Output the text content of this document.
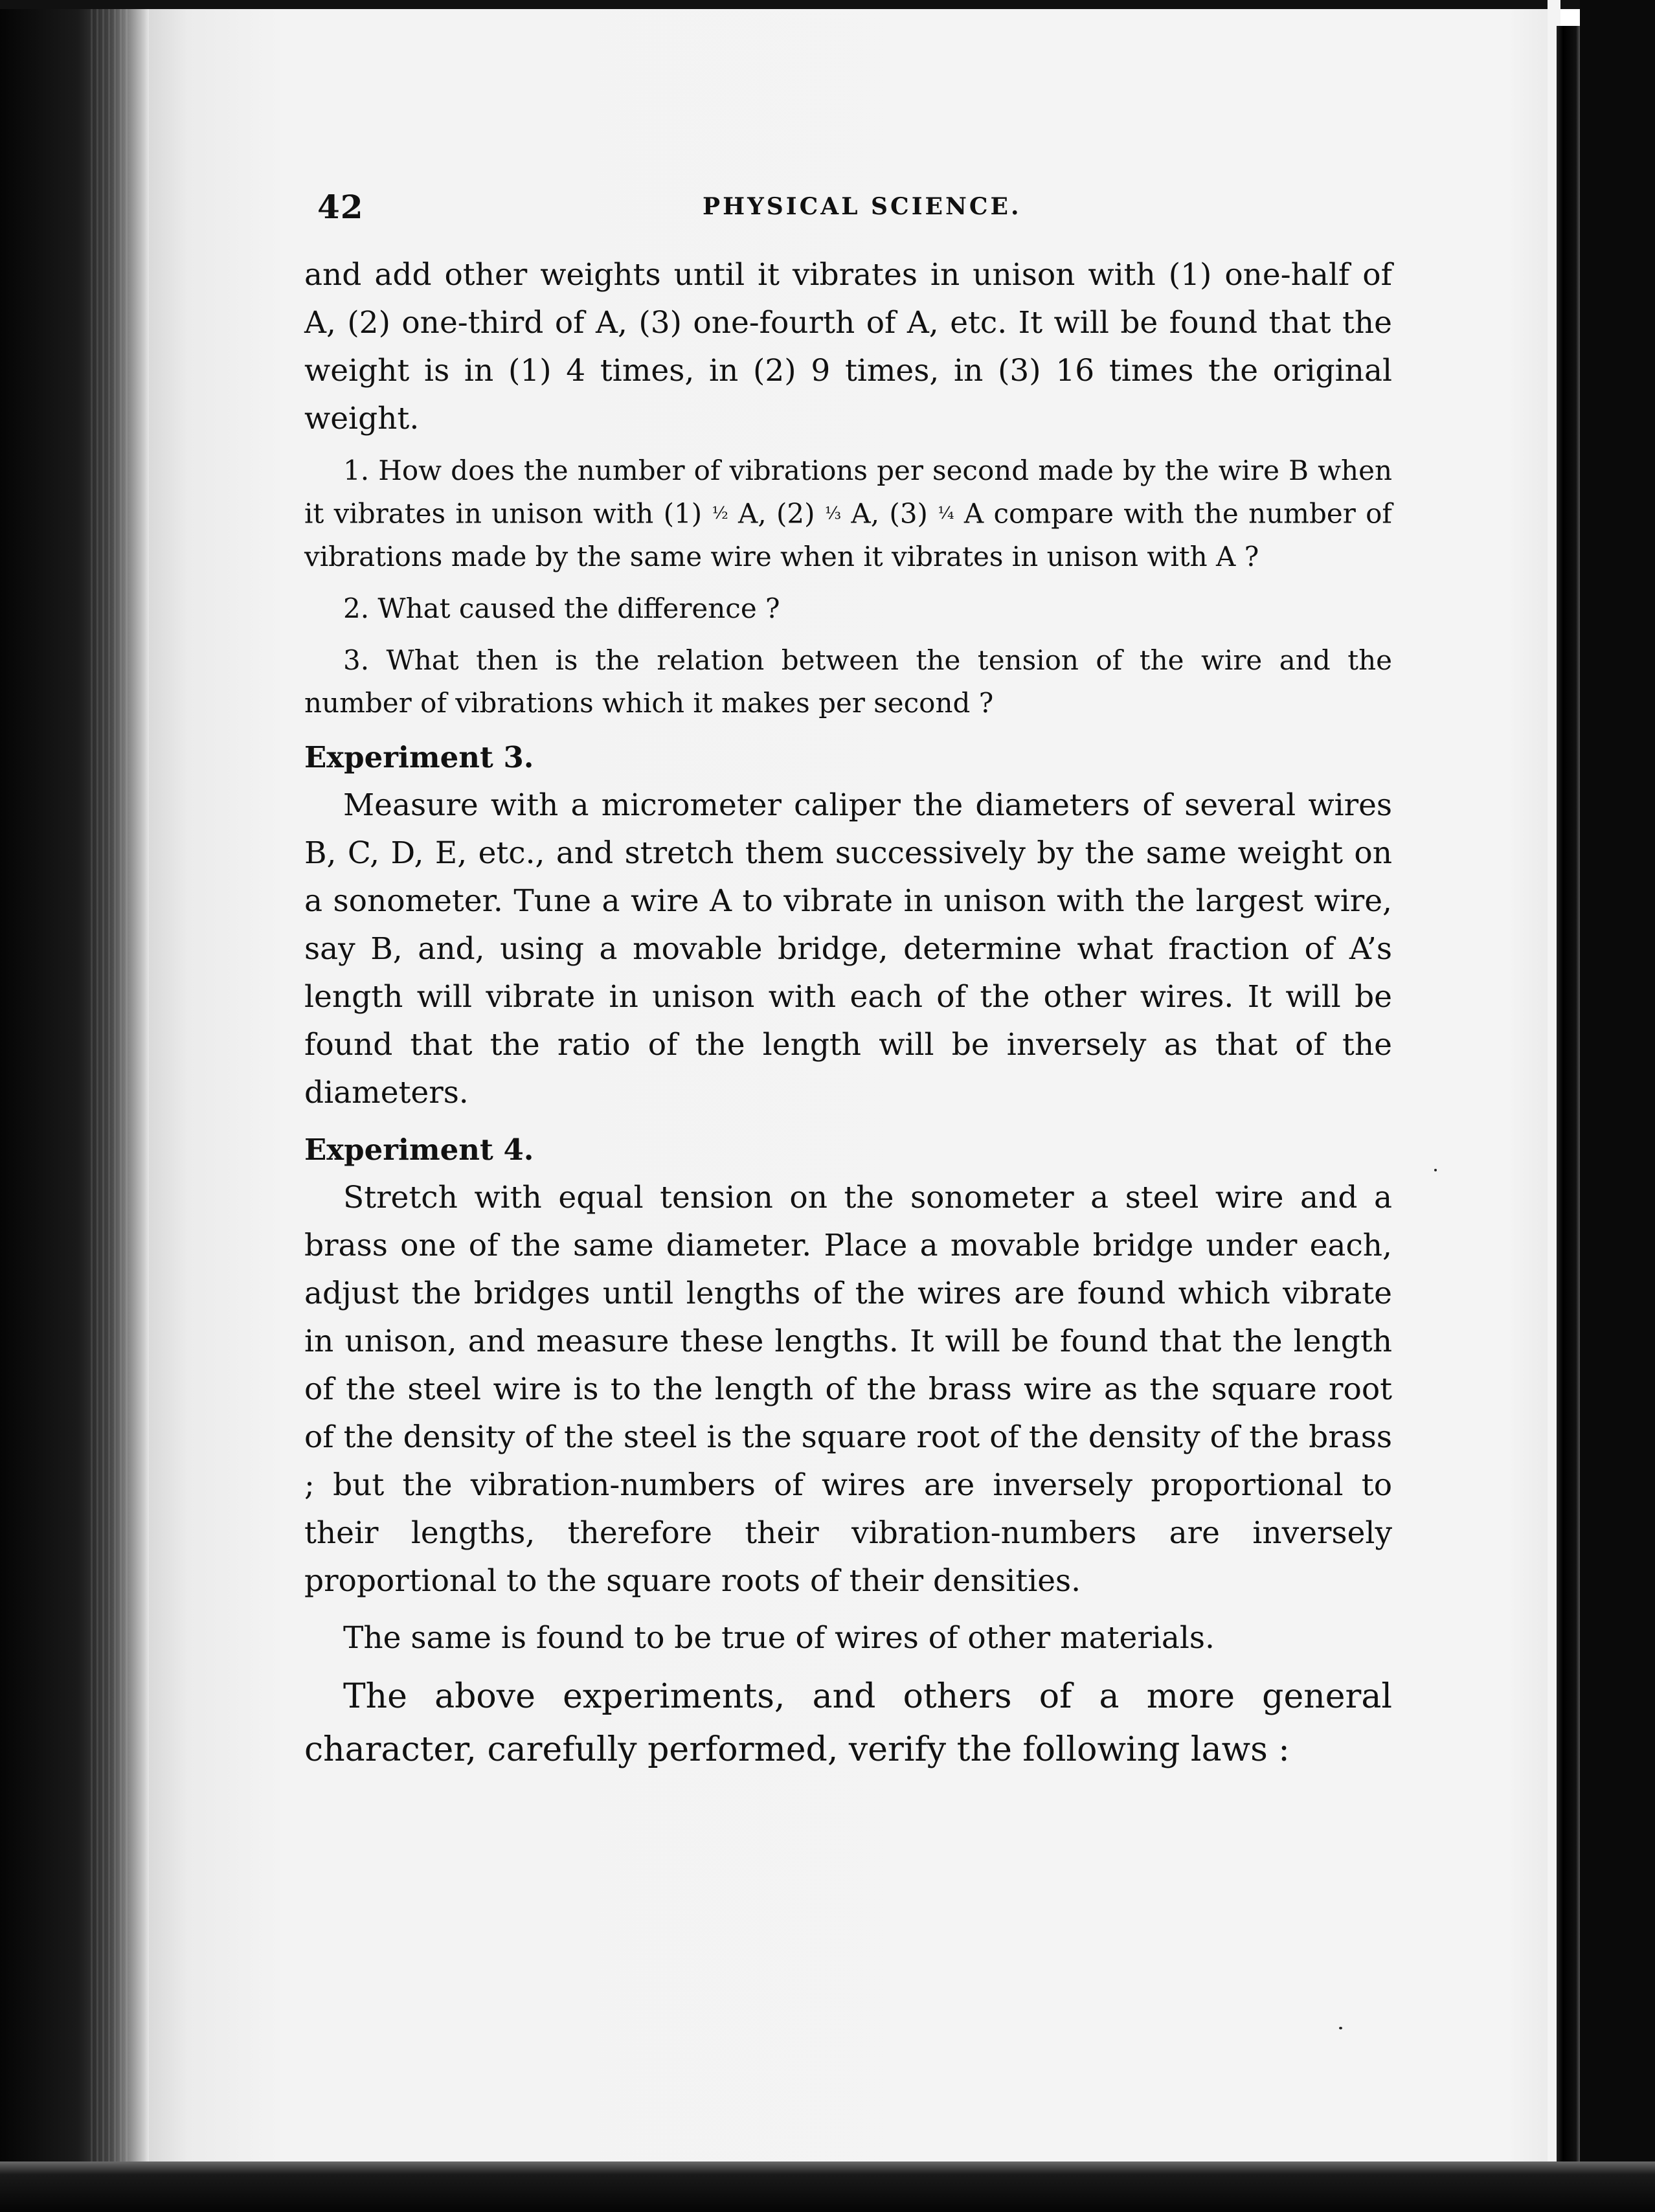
42	PHYSICAL SCIENCE.

and add other weights until it vibrates in unison with (1) one-half of A, (2) one-third of A, (3) one-fourth of A, etc. It will be found that the weight is in (1) 4 times, in (2) 9 times, in (3) 16 times the original weight.

1. How does the number of vibrations per second made by the wire B when it vibrates in unison with (1) ½ A, (2) ⅓ A, (3) ¼ A compare with the number of vibrations made by the same wire when it vibrates in unison with A ?

2. What caused the difference ?

3. What then is the relation between the tension of the wire and the number of vibrations which it makes per second ?

Experiment 3.

Measure with a micrometer caliper the diameters of several wires B, C, D, E, etc., and stretch them successively by the same weight on a sonometer. Tune a wire A to vibrate in unison with the largest wire, say B, and, using a movable bridge, determine what fraction of A’s length will vibrate in unison with each of the other wires. It will be found that the ratio of the length will be inversely as that of the diameters.

Experiment 4.

Stretch with equal tension on the sonometer a steel wire and a brass one of the same diameter. Place a movable bridge under each, adjust the bridges until lengths of the wires are found which vibrate in unison, and measure these lengths. It will be found that the length of the steel wire is to the length of the brass wire as the square root of the density of the steel is the square root of the density of the brass ; but the vibration-numbers of wires are inversely proportional to their lengths, therefore their vibration-numbers are inversely proportional to the square roots of their densities.

The same is found to be true of wires of other materials.

The above experiments, and others of a more general character, carefully performed, verify the following laws :
